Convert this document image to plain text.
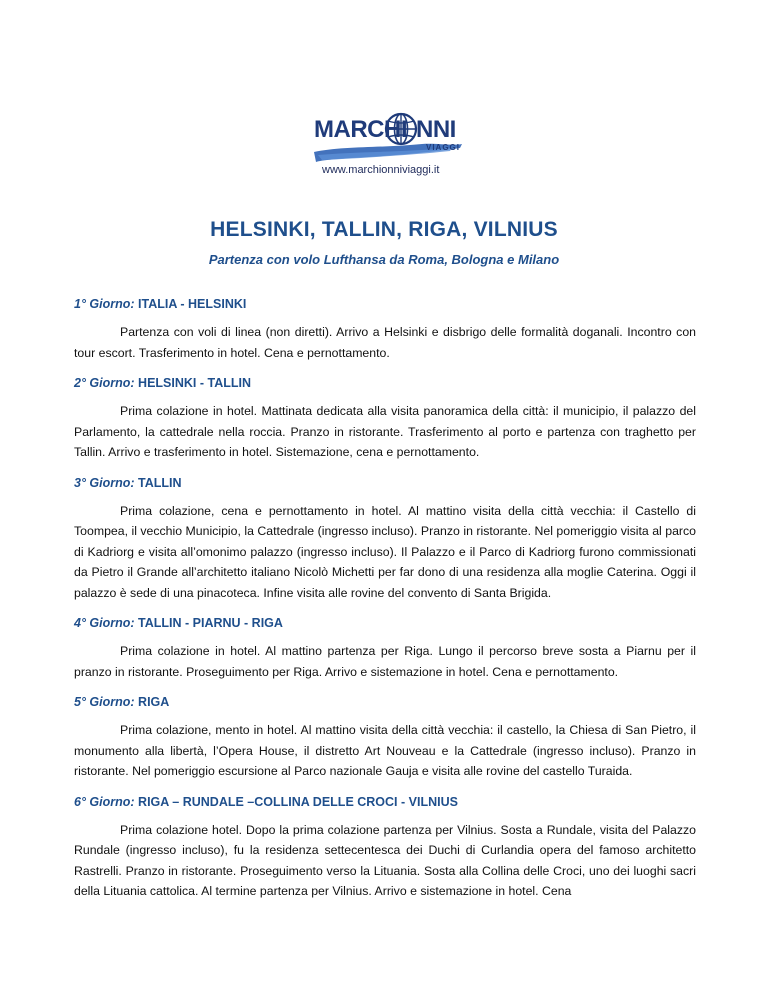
MARCHI NNI
VIAGGI
www.marchionniviaggi.it
HELSINKI, TALLIN, RIGA, VILNIUS
Partenza con volo Lufthansa da Roma, Bologna e Milano
1° Giorno: ITALIA - HELSINKI

Partenza con voli di linea (non diretti). Arrivo a Helsinki e disbrigo delle formalità doganali. Incontro con tour escort. Trasferimento in hotel. Cena e pernottamento.

2° Giorno: HELSINKI - TALLIN

Prima colazione in hotel. Mattinata dedicata alla visita panoramica della città: il municipio, il palazzo del Parlamento, la cattedrale nella roccia. Pranzo in ristorante. Trasferimento al porto e partenza con traghetto per Tallin. Arrivo e trasferimento in hotel. Sistemazione, cena e pernottamento.

3° Giorno: TALLIN

Prima colazione, cena e pernottamento in hotel. Al mattino visita della città vecchia: il Castello di Toompea, il vecchio Municipio, la Cattedrale (ingresso incluso). Pranzo in ristorante. Nel pomeriggio visita al parco di Kadriorg e visita all’omonimo palazzo (ingresso incluso). Il Palazzo e il Parco di Kadriorg furono commissionati da Pietro il Grande all’architetto italiano Nicolò Michetti per far dono di una residenza alla moglie Caterina. Oggi il palazzo è sede di una pinacoteca. Infine visita alle rovine del convento di Santa Brigida.

4° Giorno: TALLIN - PIARNU - RIGA

Prima colazione in hotel. Al mattino partenza per Riga. Lungo il percorso breve sosta a Piarnu per il pranzo in ristorante. Proseguimento per Riga. Arrivo e sistemazione in hotel. Cena e pernottamento.

5° Giorno: RIGA

Prima colazione, mento in hotel. Al mattino visita della città vecchia: il castello, la Chiesa di San Pietro, il monumento alla libertà, l’Opera House, il distretto Art Nouveau e la Cattedrale (ingresso incluso). Pranzo in ristorante. Nel pomeriggio escursione al Parco nazionale Gauja e visita alle rovine del castello Turaida.

6° Giorno: RIGA – RUNDALE –COLLINA DELLE CROCI - VILNIUS

Prima colazione hotel. Dopo la prima colazione partenza per Vilnius. Sosta a Rundale, visita del Palazzo Rundale (ingresso incluso), fu la residenza settecentesca dei Duchi di Curlandia opera del famoso architetto Rastrelli. Pranzo in ristorante. Proseguimento verso la Lituania. Sosta alla Collina delle Croci, uno dei luoghi sacri della Lituania cattolica. Al termine partenza per Vilnius. Arrivo e sistemazione in hotel. Cena
